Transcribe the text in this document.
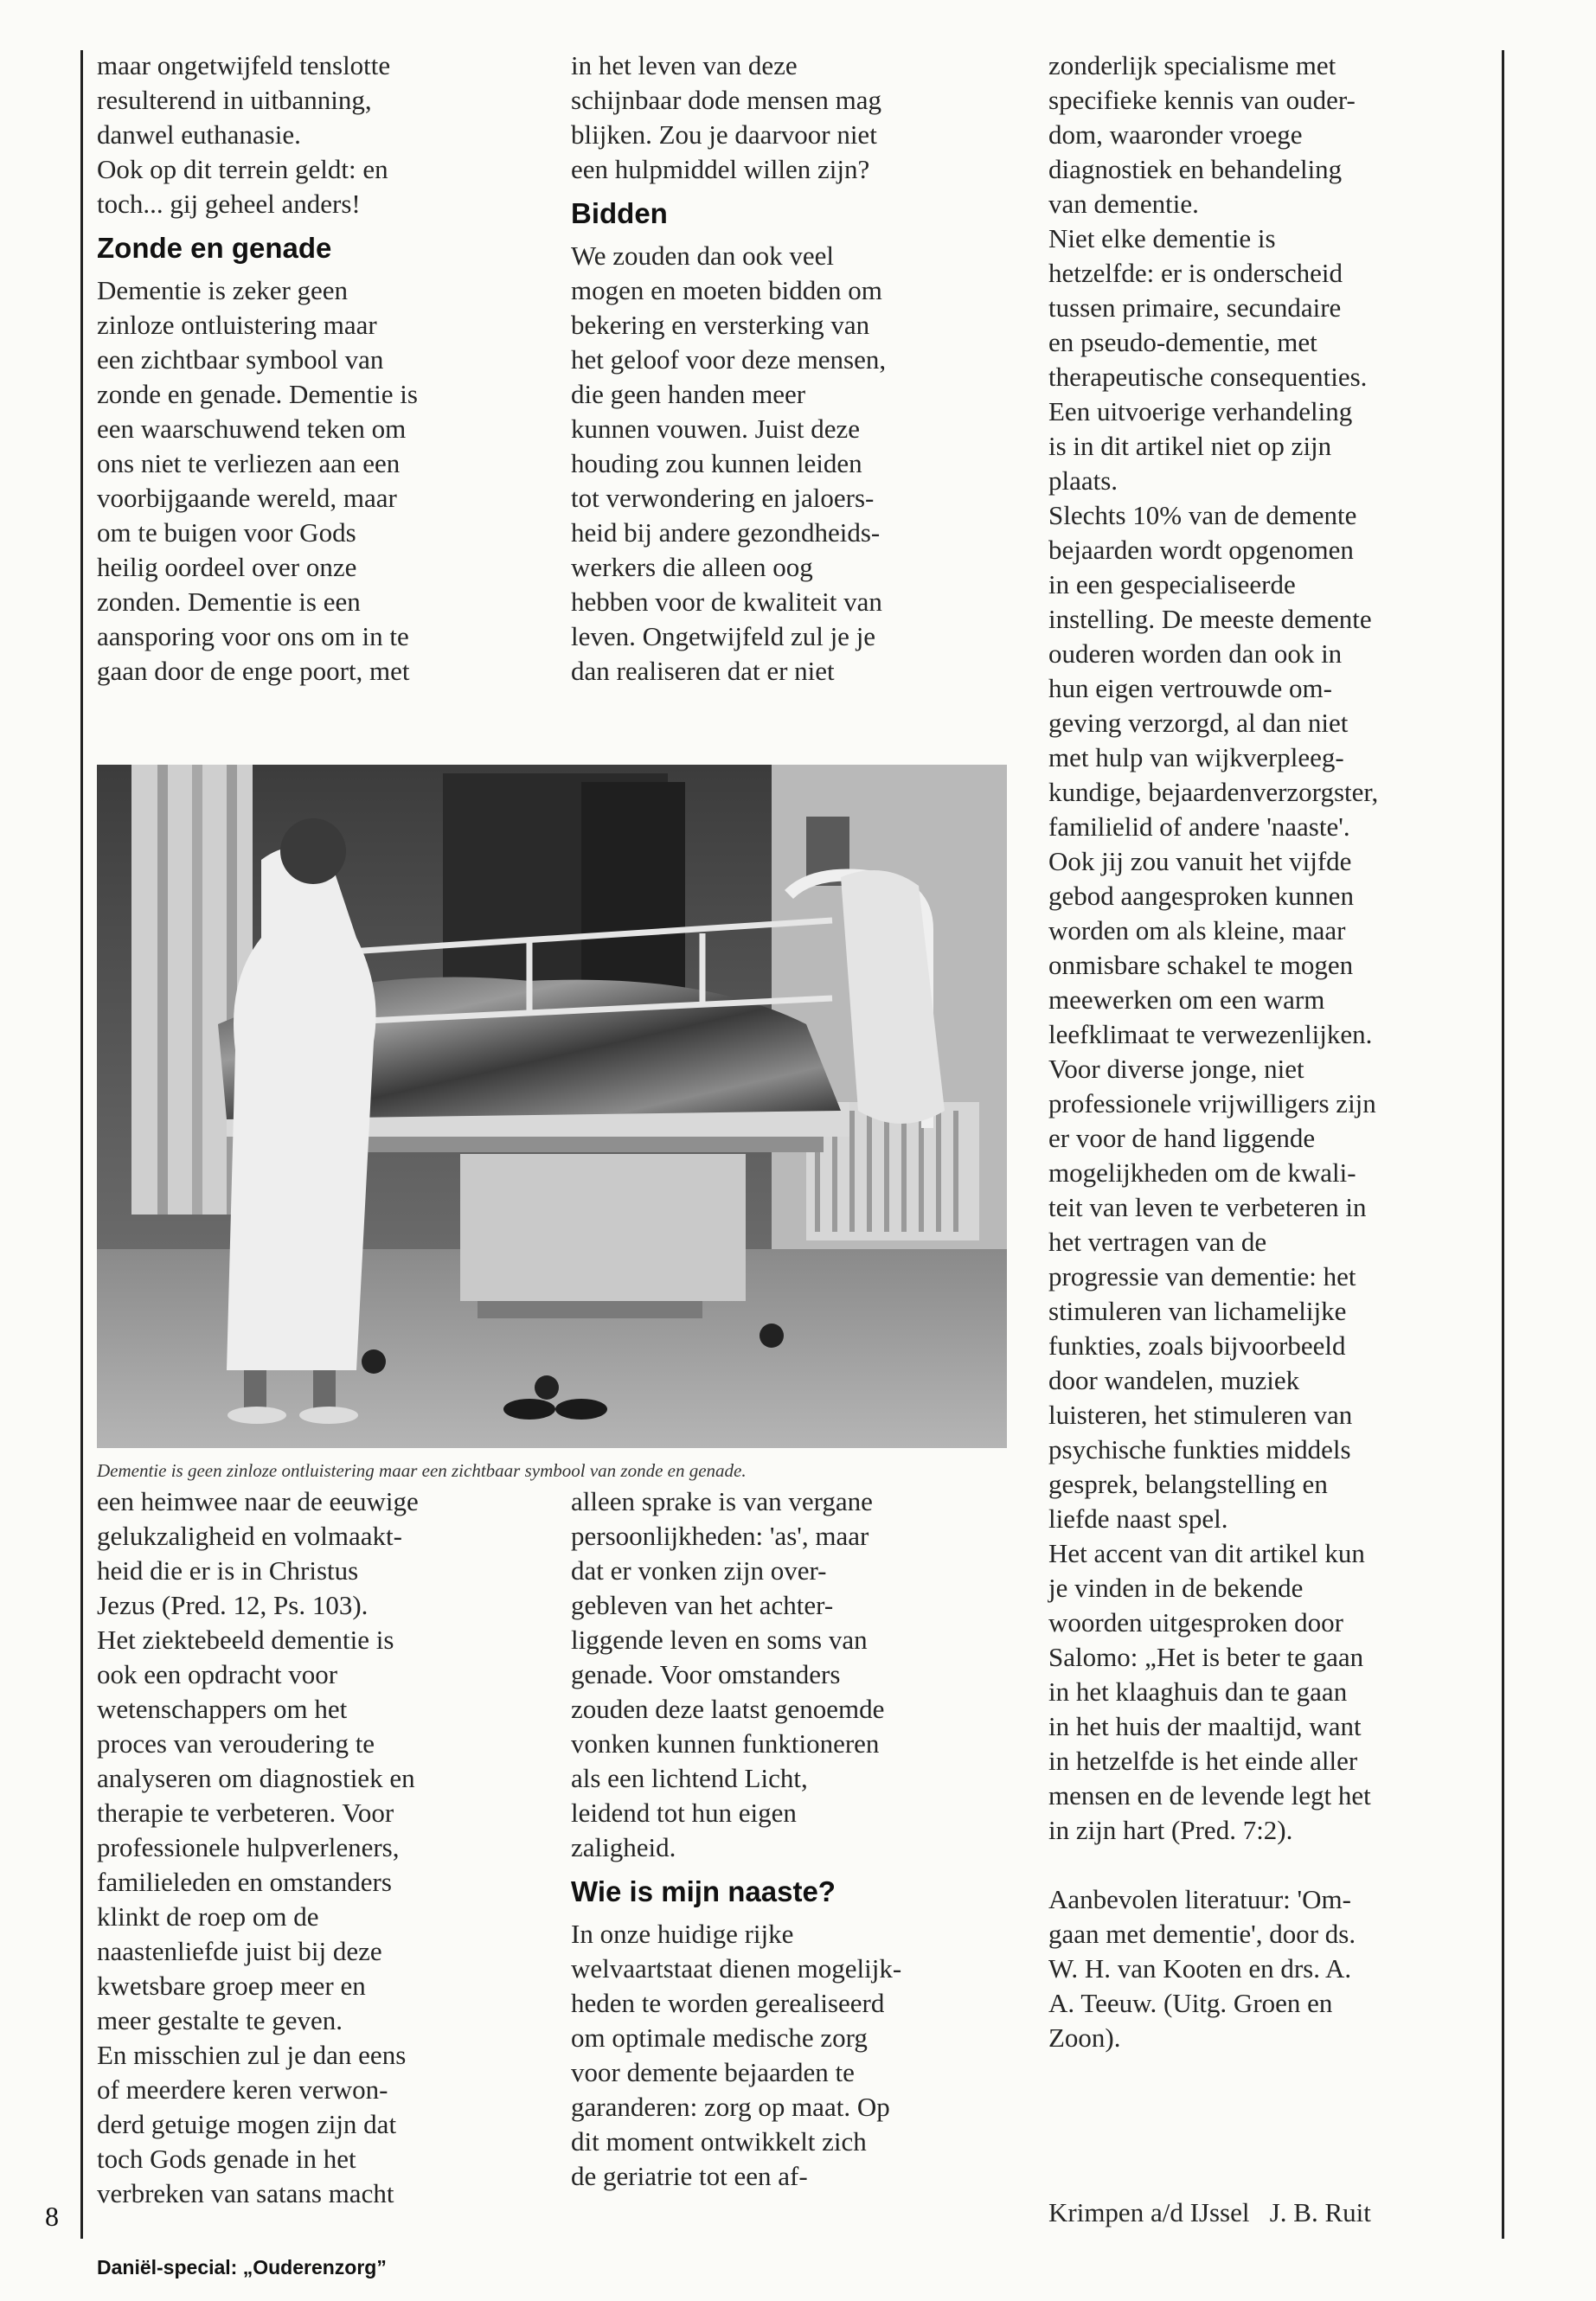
maar ongetwijfeld tenslotte

resulterend in uitbanning,

danwel euthanasie.

Ook op dit terrein geldt: en

toch... gij geheel anders!

Zonde en genade

Dementie is zeker geen

zinloze ontluistering maar

een zichtbaar symbool van

zonde en genade. Dementie is

een waarschuwend teken om

ons niet te verliezen aan een

voorbijgaande wereld, maar

om te buigen voor Gods

heilig oordeel over onze

zonden. Dementie is een

aansporing voor ons om in te

gaan door de enge poort, met

in het leven van deze

schijnbaar dode mensen mag

blijken. Zou je daarvoor niet

een hulpmiddel willen zijn?

Bidden

We zouden dan ook veel

mogen en moeten bidden om

bekering en versterking van

het geloof voor deze mensen,

die geen handen meer

kunnen vouwen. Juist deze

houding zou kunnen leiden

tot verwondering en jaloers-

heid bij andere gezondheids-

werkers die alleen oog

hebben voor de kwaliteit van

leven. Ongetwijfeld zul je je

dan realiseren dat er niet

zonderlijk specialisme met

specifieke kennis van ouder-

dom, waaronder vroege

diagnostiek en behandeling

van dementie.

Niet elke dementie is

hetzelfde: er is onderscheid

tussen primaire, secundaire

en pseudo-dementie, met

therapeutische consequenties.

Een uitvoerige verhandeling

is in dit artikel niet op zijn

plaats.

Slechts 10% van de demente

bejaarden wordt opgenomen

in een gespecialiseerde

instelling. De meeste demente

ouderen worden dan ook in

hun eigen vertrouwde om-

geving verzorgd, al dan niet

met hulp van wijkverpleeg-

kundige, bejaardenverzorgster,

familielid of andere 'naaste'.

Ook jij zou vanuit het vijfde

gebod aangesproken kunnen

worden om als kleine, maar

onmisbare schakel te mogen

meewerken om een warm

leefklimaat te verwezenlijken.

Voor diverse jonge, niet

professionele vrijwilligers zijn

er voor de hand liggende

mogelijkheden om de kwali-

teit van leven te verbeteren in

het vertragen van de

progressie van dementie: het

stimuleren van lichamelijke

funkties, zoals bijvoorbeeld

door wandelen, muziek

luisteren, het stimuleren van

psychische funkties middels

gesprek, belangstelling en

liefde naast spel.

Het accent van dit artikel kun

je vinden in de bekende

woorden uitgesproken door

Salomo: „Het is beter te gaan

in het klaaghuis dan te gaan

in het huis der maaltijd, want

in hetzelfde is het einde aller

mensen en de levende legt het

in zijn hart (Pred. 7:2).

Aanbevolen literatuur: 'Om-

gaan met dementie', door ds.

W. H. van Kooten en drs. A.

A. Teeuw. (Uitg. Groen en

Zoon).

Krimpen a/d IJssel   J. B. Ruit

Dementie is geen zinloze ontluistering maar een zichtbaar symbool van zonde en genade.

een heimwee naar de eeuwige

gelukzaligheid en volmaakt-

heid die er is in Christus

Jezus (Pred. 12, Ps. 103).

Het ziektebeeld dementie is

ook een opdracht voor

wetenschappers om het

proces van veroudering te

analyseren om diagnostiek en

therapie te verbeteren. Voor

professionele hulpverleners,

familieleden en omstanders

klinkt de roep om de

naastenliefde juist bij deze

kwetsbare groep meer en

meer gestalte te geven.

En misschien zul je dan eens

of meerdere keren verwon-

derd getuige mogen zijn dat

toch Gods genade in het

verbreken van satans macht

alleen sprake is van vergane

persoonlijkheden: 'as', maar

dat er vonken zijn over-

gebleven van het achter-

liggende leven en soms van

genade. Voor omstanders

zouden deze laatst genoemde

vonken kunnen funktioneren

als een lichtend Licht,

leidend tot hun eigen

zaligheid.

Wie is mijn naaste?

In onze huidige rijke

welvaartstaat dienen mogelijk-

heden te worden gerealiseerd

om optimale medische zorg

voor demente bejaarden te

garanderen: zorg op maat. Op

dit moment ontwikkelt zich

de geriatrie tot een af-

8
Daniël-special: „Ouderenzorg”
